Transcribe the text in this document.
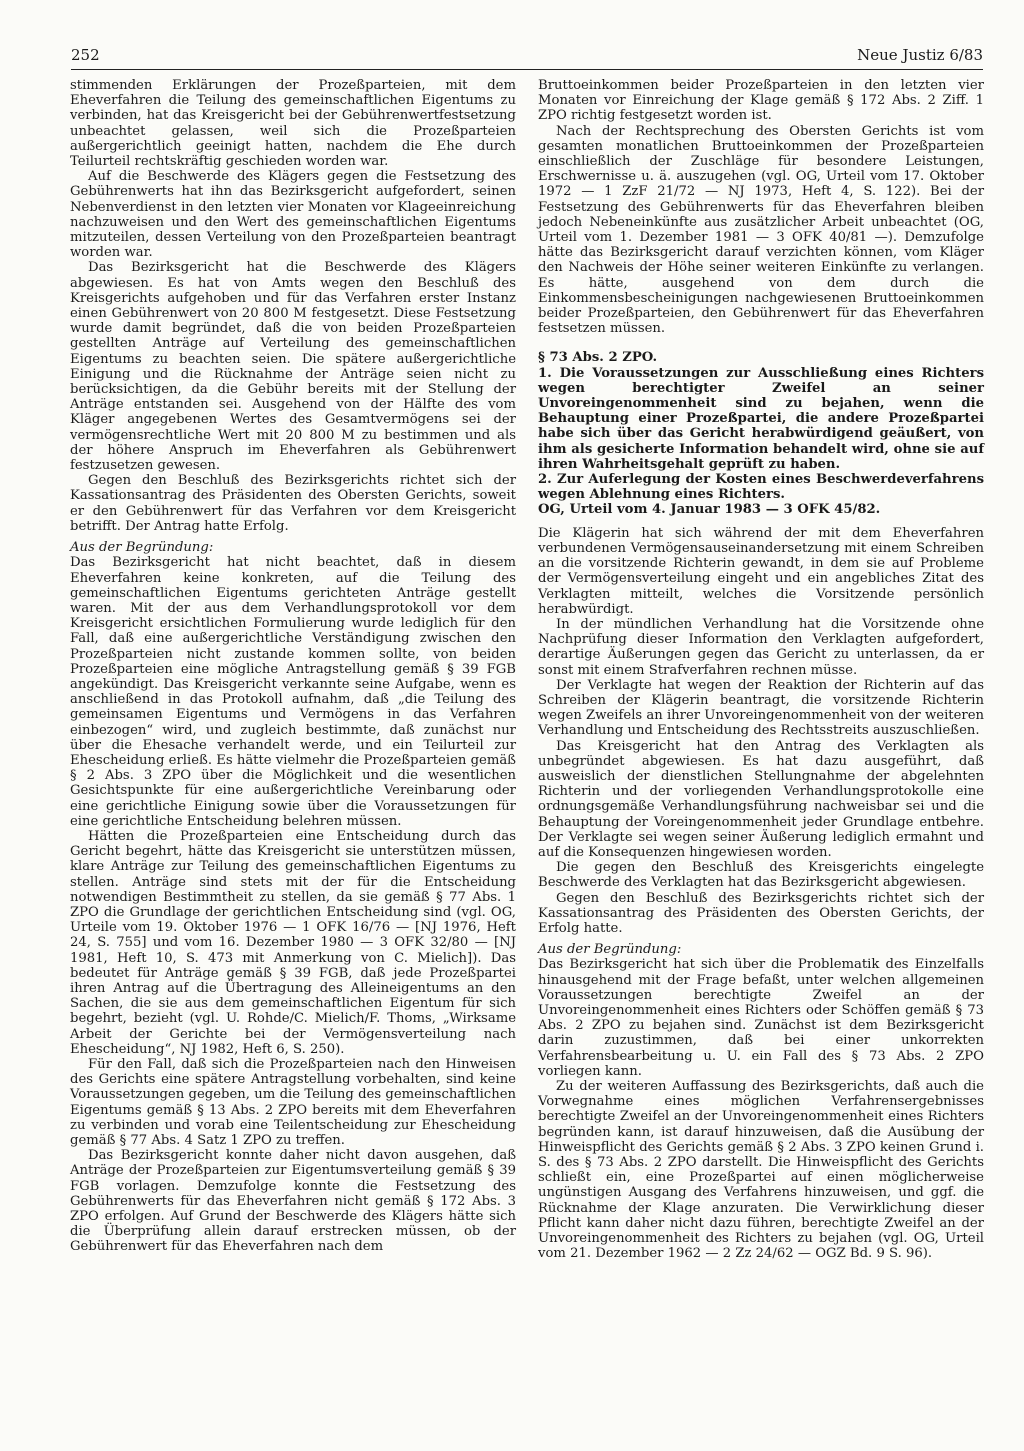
252	Neue Justiz 6/83

stimmenden Erklärungen der Prozeßparteien, mit dem Eheverfahren die Teilung des gemeinschaftlichen Eigentums zu verbinden, hat das Kreisgericht bei der Gebührenwertfestsetzung unbeachtet gelassen, weil sich die Prozeßparteien außergerichtlich geeinigt hatten, nachdem die Ehe durch Teilurteil rechtskräftig geschieden worden war.

Auf die Beschwerde des Klägers gegen die Festsetzung des Gebührenwerts hat ihn das Bezirksgericht aufgefordert, seinen Nebenverdienst in den letzten vier Monaten vor Klageeinreichung nachzuweisen und den Wert des gemeinschaftlichen Eigentums mitzuteilen, dessen Verteilung von den Prozeßparteien beantragt worden war.

Das Bezirksgericht hat die Beschwerde des Klägers abgewiesen. Es hat von Amts wegen den Beschluß des Kreisgerichts aufgehoben und für das Verfahren erster Instanz einen Gebührenwert von 20 800 M festgesetzt. Diese Festsetzung wurde damit begründet, daß die von beiden Prozeßparteien gestellten Anträge auf Verteilung des gemeinschaftlichen Eigentums zu beachten seien. Die spätere außergerichtliche Einigung und die Rücknahme der Anträge seien nicht zu berücksichtigen, da die Gebühr bereits mit der Stellung der Anträge entstanden sei. Ausgehend von der Hälfte des vom Kläger angegebenen Wertes des Gesamtvermögens sei der vermögensrechtliche Wert mit 20 800 M zu bestimmen und als der höhere Anspruch im Eheverfahren als Gebührenwert festzusetzen gewesen.

Gegen den Beschluß des Bezirksgerichts richtet sich der Kassationsantrag des Präsidenten des Obersten Gerichts, soweit er den Gebührenwert für das Verfahren vor dem Kreisgericht betrifft. Der Antrag hatte Erfolg.

Aus der Begründung:

Das Bezirksgericht hat nicht beachtet, daß in diesem Eheverfahren keine konkreten, auf die Teilung des gemeinschaftlichen Eigentums gerichteten Anträge gestellt waren. Mit der aus dem Verhandlungsprotokoll vor dem Kreisgericht ersichtlichen Formulierung wurde lediglich für den Fall, daß eine außergerichtliche Verständigung zwischen den Prozeßparteien nicht zustande kommen sollte, von beiden Prozeßparteien eine mögliche Antragstellung gemäß § 39 FGB angekündigt. Das Kreisgericht verkannte seine Aufgabe, wenn es anschließend in das Protokoll aufnahm, daß „die Teilung des gemeinsamen Eigentums und Vermögens in das Verfahren einbezogen“ wird, und zugleich bestimmte, daß zunächst nur über die Ehesache verhandelt werde, und ein Teilurteil zur Ehescheidung erließ. Es hätte vielmehr die Prozeßparteien gemäß § 2 Abs. 3 ZPO über die Möglichkeit und die wesentlichen Gesichtspunkte für eine außergerichtliche Vereinbarung oder eine gerichtliche Einigung sowie über die Voraussetzungen für eine gerichtliche Entscheidung belehren müssen.

Hätten die Prozeßparteien eine Entscheidung durch das Gericht begehrt, hätte das Kreisgericht sie unterstützen müssen, klare Anträge zur Teilung des gemeinschaftlichen Eigentums zu stellen. Anträge sind stets mit der für die Entscheidung notwendigen Bestimmtheit zu stellen, da sie gemäß § 77 Abs. 1 ZPO die Grundlage der gerichtlichen Entscheidung sind (vgl. OG, Urteile vom 19. Oktober 1976 — 1 OFK 16/76 — [NJ 1976, Heft 24, S. 755] und vom 16. Dezember 1980 — 3 OFK 32/80 — [NJ 1981, Heft 10, S. 473 mit Anmerkung von C. Mielich]). Das bedeutet für Anträge gemäß § 39 FGB, daß jede Prozeßpartei ihren Antrag auf die Übertragung des Alleineigentums an den Sachen, die sie aus dem gemeinschaftlichen Eigentum für sich begehrt, bezieht (vgl. U. Rohde/C. Mielich/F. Thoms, „Wirksame Arbeit der Gerichte bei der Vermögensverteilung nach Ehescheidung“, NJ 1982, Heft 6, S. 250).

Für den Fall, daß sich die Prozeßparteien nach den Hinweisen des Gerichts eine spätere Antragstellung vorbehalten, sind keine Voraussetzungen gegeben, um die Teilung des gemeinschaftlichen Eigentums gemäß § 13 Abs. 2 ZPO bereits mit dem Eheverfahren zu verbinden und vorab eine Teilentscheidung zur Ehescheidung gemäß § 77 Abs. 4 Satz 1 ZPO zu treffen.

Das Bezirksgericht konnte daher nicht davon ausgehen, daß Anträge der Prozeßparteien zur Eigentumsverteilung gemäß § 39 FGB vorlagen. Demzufolge konnte die Festsetzung des Gebührenwerts für das Eheverfahren nicht gemäß § 172 Abs. 3 ZPO erfolgen. Auf Grund der Beschwerde des Klägers hätte sich die Überprüfung allein darauf erstrecken müssen, ob der Gebührenwert für das Eheverfahren nach dem

Bruttoeinkommen beider Prozeßparteien in den letzten vier Monaten vor Einreichung der Klage gemäß § 172 Abs. 2 Ziff. 1 ZPO richtig festgesetzt worden ist.

Nach der Rechtsprechung des Obersten Gerichts ist vom gesamten monatlichen Bruttoeinkommen der Prozeßparteien einschließlich der Zuschläge für besondere Leistungen, Erschwernisse u. ä. auszugehen (vgl. OG, Urteil vom 17. Oktober 1972 — 1 ZzF 21/72 — NJ 1973, Heft 4, S. 122). Bei der Festsetzung des Gebührenwerts für das Eheverfahren bleiben jedoch Nebeneinkünfte aus zusätzlicher Arbeit unbeachtet (OG, Urteil vom 1. Dezember 1981 — 3 OFK 40/81 —). Demzufolge hätte das Bezirksgericht darauf verzichten können, vom Kläger den Nachweis der Höhe seiner weiteren Einkünfte zu verlangen. Es hätte, ausgehend von dem durch die Einkommensbescheinigungen nachgewiesenen Bruttoeinkommen beider Prozeßparteien, den Gebührenwert für das Eheverfahren festsetzen müssen.

§ 73 Abs. 2 ZPO.

1. Die Voraussetzungen zur Ausschließung eines Richters wegen berechtigter Zweifel an seiner Unvoreingenommenheit sind zu bejahen, wenn die Behauptung einer Prozeßpartei, die andere Prozeßpartei habe sich über das Gericht herabwürdigend geäußert, von ihm als gesicherte Information behandelt wird, ohne sie auf ihren Wahrheitsgehalt geprüft zu haben.

2. Zur Auferlegung der Kosten eines Beschwerdeverfahrens wegen Ablehnung eines Richters.

OG, Urteil vom 4. Januar 1983 — 3 OFK 45/82.

Die Klägerin hat sich während der mit dem Eheverfahren verbundenen Vermögensauseinandersetzung mit einem Schreiben an die vorsitzende Richterin gewandt, in dem sie auf Probleme der Vermögensverteilung eingeht und ein angebliches Zitat des Verklagten mitteilt, welches die Vorsitzende persönlich herabwürdigt.

In der mündlichen Verhandlung hat die Vorsitzende ohne Nachprüfung dieser Information den Verklagten aufgefordert, derartige Äußerungen gegen das Gericht zu unterlassen, da er sonst mit einem Strafverfahren rechnen müsse.

Der Verklagte hat wegen der Reaktion der Richterin auf das Schreiben der Klägerin beantragt, die vorsitzende Richterin wegen Zweifels an ihrer Unvoreingenommenheit von der weiteren Verhandlung und Entscheidung des Rechtsstreits auszuschließen.

Das Kreisgericht hat den Antrag des Verklagten als unbegründet abgewiesen. Es hat dazu ausgeführt, daß ausweislich der dienstlichen Stellungnahme der abgelehnten Richterin und der vorliegenden Verhandlungsprotokolle eine ordnungsgemäße Verhandlungsführung nachweisbar sei und die Behauptung der Voreingenommenheit jeder Grundlage entbehre. Der Verklagte sei wegen seiner Äußerung lediglich ermahnt und auf die Konsequenzen hingewiesen worden.

Die gegen den Beschluß des Kreisgerichts eingelegte Beschwerde des Verklagten hat das Bezirksgericht abgewiesen.

Gegen den Beschluß des Bezirksgerichts richtet sich der Kassationsantrag des Präsidenten des Obersten Gerichts, der Erfolg hatte.

Aus der Begründung:

Das Bezirksgericht hat sich über die Problematik des Einzelfalls hinausgehend mit der Frage befaßt, unter welchen allgemeinen Voraussetzungen berechtigte Zweifel an der Unvoreingenommenheit eines Richters oder Schöffen gemäß § 73 Abs. 2 ZPO zu bejahen sind. Zunächst ist dem Bezirksgericht darin zuzustimmen, daß bei einer unkorrekten Verfahrensbearbeitung u. U. ein Fall des § 73 Abs. 2 ZPO vorliegen kann.

Zu der weiteren Auffassung des Bezirksgerichts, daß auch die Vorwegnahme eines möglichen Verfahrensergebnisses berechtigte Zweifel an der Unvoreingenommenheit eines Richters begründen kann, ist darauf hinzuweisen, daß die Ausübung der Hinweispflicht des Gerichts gemäß § 2 Abs. 3 ZPO keinen Grund i. S. des § 73 Abs. 2 ZPO darstellt. Die Hinweispflicht des Gerichts schließt ein, eine Prozeßpartei auf einen möglicherweise ungünstigen Ausgang des Verfahrens hinzuweisen, und ggf. die Rücknahme der Klage anzuraten. Die Verwirklichung dieser Pflicht kann daher nicht dazu führen, berechtigte Zweifel an der Unvoreingenommenheit des Richters zu bejahen (vgl. OG, Urteil vom 21. Dezember 1962 — 2 Zz 24/62 — OGZ Bd. 9 S. 96).
